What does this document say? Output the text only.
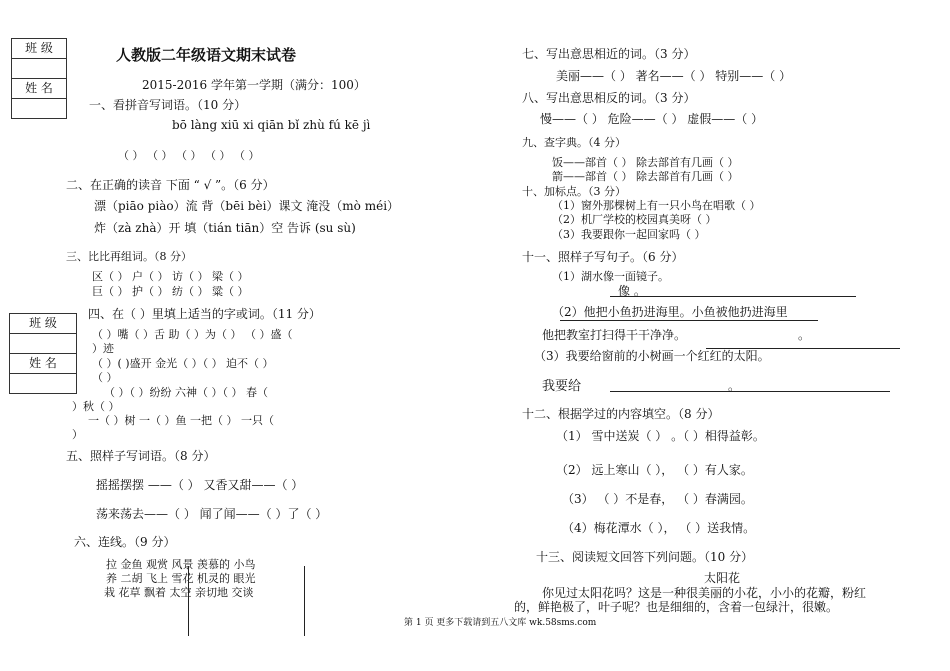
班 级
姓 名
班 级
姓 名
人教版二年级语文期末试卷
2015-2016 学年第一学期（满分：100）
一、看拼音写词语。（10 分）
bō làng xiū xi qiān bǐ zhù fú kē jì
（ ） （ ） （ ） （ ） （ ）
二、在正确的读音 下面 “ √ ”。（6 分）
漂（piāo piào）流 背（bēi bèi）课文 淹没（mò méi）
炸（zà zhà）开 填（tián tiān）空 告诉 (su sù)
三、比比再组词。（8 分）
区（ ） 户（ ） 访（ ） 梁（ ）
巨（ ） 护（ ） 纺（ ） 粱（ ）
四、在（ ）里填上适当的字或词。（11 分）
（ ）嘴（ ）舌 助（ ）为（ ） （ ）盛（
）迹
（ ）( )盛开 金光（ ）（ ） 迫不（ ）
（ ）
（ ）（ ）纷纷 六神（ ）（ ） 春（
）秋（ ）
一（ ）树 一（ ）鱼 一把（ ） 一只（
）
五、照样子写词语。（8 分）
摇摇摆摆 ——（ ） 又香又甜——（ ）
荡来荡去——（ ） 闻了闻——（ ）了（ ）
六、连线。（9 分）
拉 金鱼 观赏 风景 羡慕的 小鸟
养 二胡 飞上 雪花 机灵的 眼光
栽 花草 飘着 太空 亲切地 交谈
七、写出意思相近的词。（3 分）
美丽——（ ） 著名——（ ） 特别——（ ）
八、写出意思相反的词。（3 分）
慢——（ ） 危险——（ ） 虚假——（ ）
九、查字典。（4 分）
饭——部首（ ） 除去部首有几画（ ）
箭——部首（ ） 除去部首有几画（ ）
十、加标点。（3 分）
（1）窗外那棵树上有一只小鸟在唱歌（ ）
（2）机厂学校的校园真美呀（ ）
（3）我要跟你一起回家吗（ ）
十一、照样子写句子。（6 分）
（1）湖水像一面镜子。
像 。
（2）他把小鱼扔进海里。小鱼被他扔进海里
他把教室打扫得干干净净。	。
（3）我要给窗前的小树画一个红红的太阳。
我要给	。
十二、根据学过的内容填空。（8 分）
（1） 雪中送炭（ ） 。（ ）相得益彰。
（2） 远上寒山（ ）， （ ）有人家。
（3） （ ）不是春， （ ）春满园。
（4）梅花潭水（ ）， （ ）送我情。
十三、阅读短文回答下列问题。（10 分）
太阳花
你见过太阳花吗？这是一种很美丽的小花，小小的花瓣，粉红
的，鲜艳极了，叶子呢？也是细细的，含着一包绿汁，很嫩。
第 1 页 更多下载请到五八文库 wk.58sms.com
